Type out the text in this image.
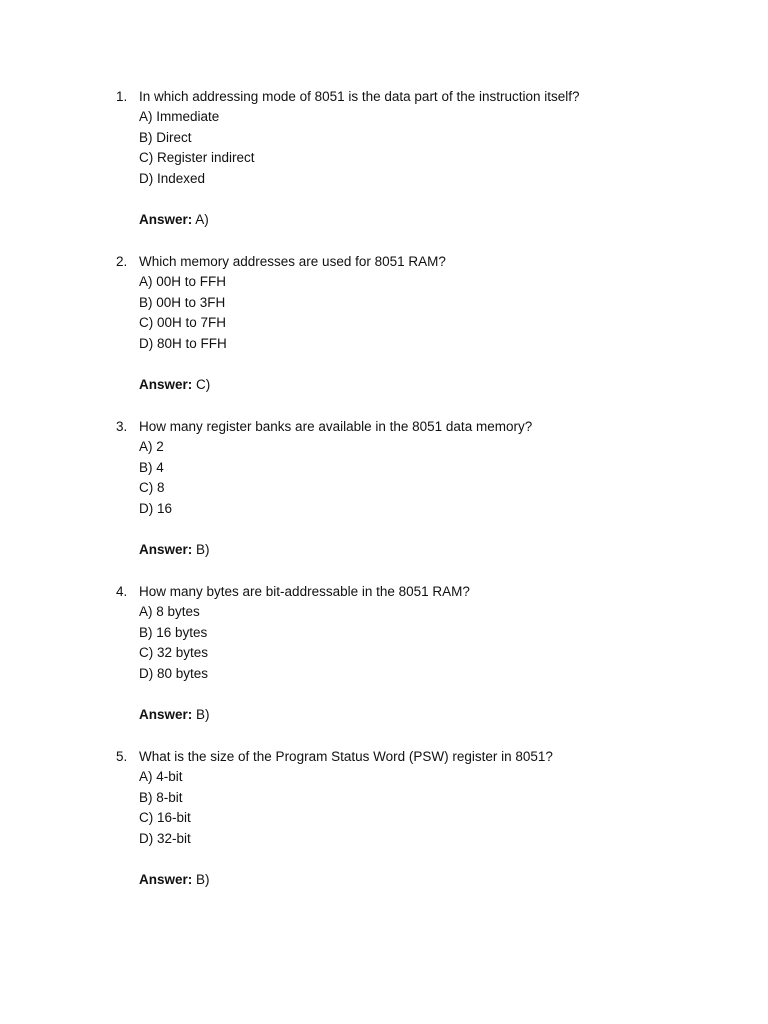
1. In which addressing mode of 8051 is the data part of the instruction itself?
A) Immediate
B) Direct
C) Register indirect
D) Indexed
Answer: A)
2. Which memory addresses are used for 8051 RAM?
A) 00H to FFH
B) 00H to 3FH
C) 00H to 7FH
D) 80H to FFH
Answer: C)
3. How many register banks are available in the 8051 data memory?
A) 2
B) 4
C) 8
D) 16
Answer: B)
4. How many bytes are bit-addressable in the 8051 RAM?
A) 8 bytes
B) 16 bytes
C) 32 bytes
D) 80 bytes
Answer: B)
5. What is the size of the Program Status Word (PSW) register in 8051?
A) 4-bit
B) 8-bit
C) 16-bit
D) 32-bit
Answer: B)
